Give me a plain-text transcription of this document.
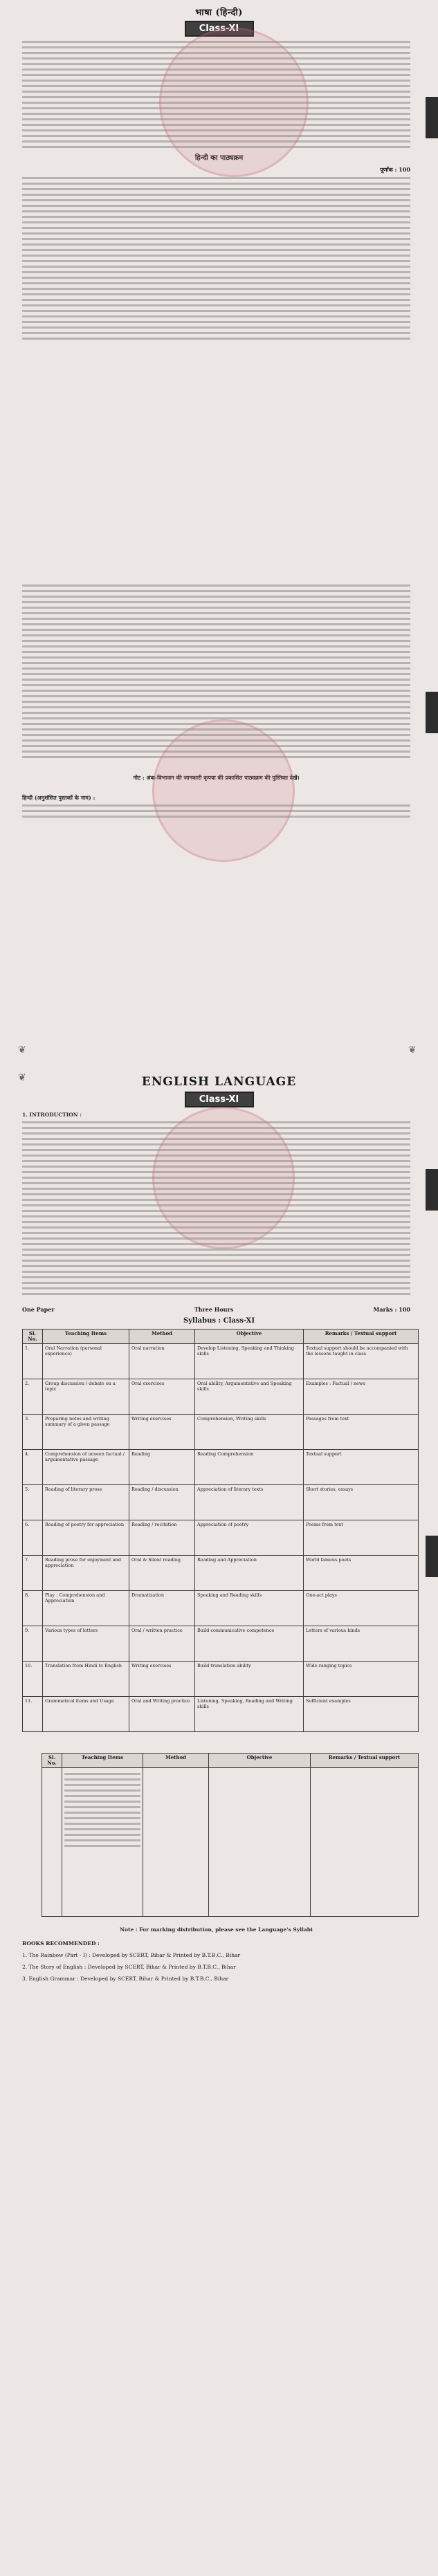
भाषा (हिन्दी)
Class-XI
हिन्दी का पाठ्यक्रम
पूर्णांक : 100
नोट : अंक-विभाजन की जानकारी कृपया की प्रकाशित पाठ्यक्रम की पुस्तिका देखें।
हिन्दी (अनुशंसित पुस्तकों के नाम) :
❦	❦
ENGLISH LANGUAGE
Class-XI
1. INTRODUCTION :
One Paper	Three Hours	Marks : 100
Syllabus : Class-XI
Sl. No.	Teaching Items	Method	Objective	Remarks / Textual support
1.	Oral Narration (personal experience)	Oral narration	Develop Listening, Speaking and Thinking skills	Textual support should be accompanied with the lessons taught in class
2.	Group discussion / debate on a topic	Oral exercises	Oral ability, Argumentative and Speaking skills	Examples : Factual / news
3.	Preparing notes and writing summary of a given passage	Writing exercises	Comprehension, Writing skills	Passages from text
4.	Comprehension of unseen factual / argumentative passage	Reading	Reading Comprehension	Textual support
5.	Reading of literary prose	Reading / discussion	Appreciation of literary texts	Short stories, essays
6.	Reading of poetry for appreciation	Reading / recitation	Appreciation of poetry	Poems from text
7.	Reading prose for enjoyment and appreciation	Oral & Silent reading	Reading and Appreciation	World famous poets
8.	Play : Comprehension and Appreciation	Dramatization	Speaking and Reading skills	One-act plays
9.	Various types of letters	Oral / written practice	Build communicative competence	Letters of various kinds
10.	Translation from Hindi to English	Writing exercises	Build translation ability	Wide ranging topics
11.	Grammatical items and Usage	Oral and Writing practice	Listening, Speaking, Reading and Writing skills	Sufficient examples
Sl. No.	Teaching Items	Method	Objective	Remarks / Textual support

Note : For marking distribution, please see the Language's Syllabi
BOOKS RECOMMENDED :
1. The Rainbow (Part - I) : Developed by SCERT, Bihar & Printed by B.T.B.C., Bihar
2. The Story of English : Developed by SCERT, Bihar & Printed by B.T.B.C., Bihar
3. English Grammar : Developed by SCERT, Bihar & Printed by B.T.B.C., Bihar
❦
